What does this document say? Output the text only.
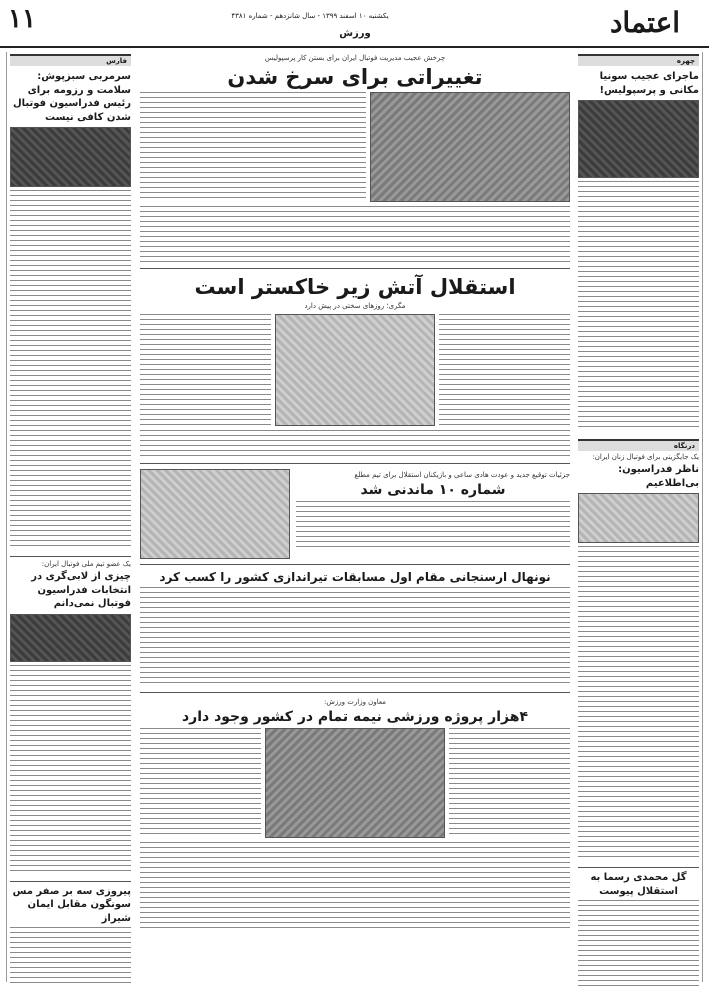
اعتماد
یکشنبه ۱۰ اسفند ۱۳۹۹ - سال شانزدهم - شماره ۴۳۸۱
ورزش
۱۱
چهره
ماجرای عجیب سونیا مکانی و پرسپولیس!
درنگاه
یک جایگزینی برای فوتبال زنان ایران:
ناظر فدراسیون: بی‌اطلاعیم
گل محمدی رسما به استقلال پیوست
فارس
سرمربی سبزپوش: سلامت و رزومه برای رئیس فدراسیون فوتبال شدن کافی نیست
یک عضو تیم ملی فوتبال ایران:
چیزی از لابی‌گری در انتخابات فدراسیون فوتبال نمی‌دانم
پیروزی سه بر صفر مس سونگون مقابل ایمان شیراز
چرخش عجیب مدیریت فوتبال ایران برای بستن کار پرسپولیس
تغییراتی برای سرخ شدن
استقلال آتش زیر خاکستر است
مگری؛ روزهای سختی در پیش دارد
جزئیات توقیع جدید و عودت هادی ساعی و بازیکنان استقلال برای تیم مطلع
شماره ۱۰ ماندنی شد
نونهال ارسنجانی مقام اول مسابقات تیراندازی کشور را کسب کرد
معاون وزارت ورزش:
۴هزار پروژه ورزشی نیمه تمام در کشور وجود دارد
